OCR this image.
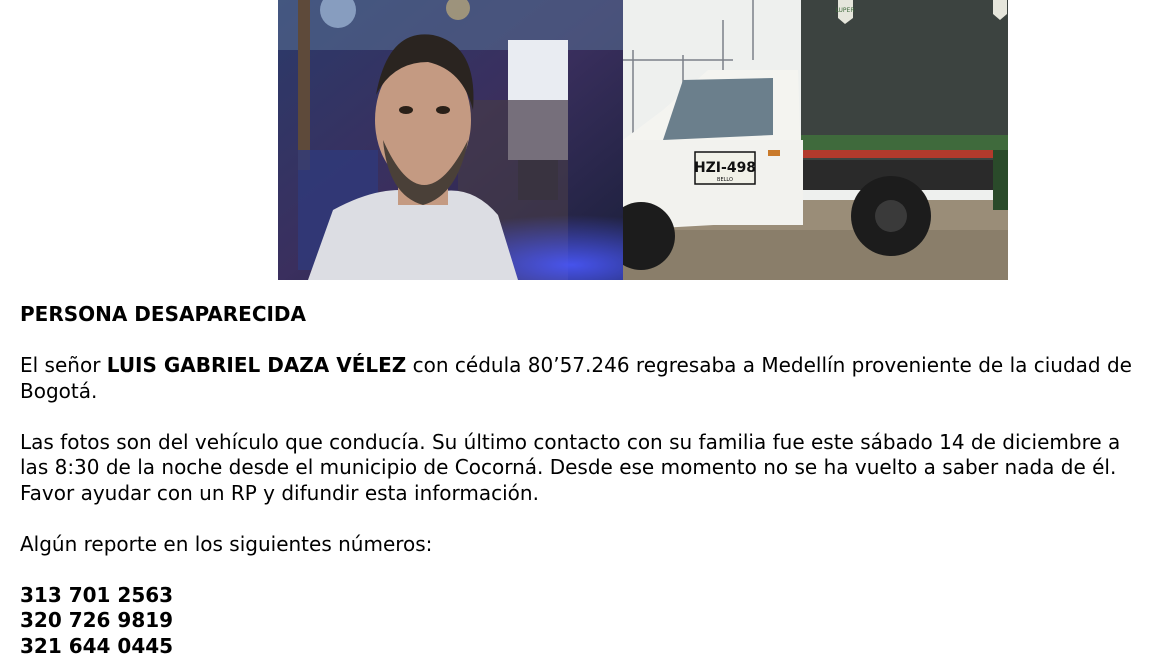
LUPER
HZI-498
BELLO

PERSONA DESAPARECIDA

El señor LUIS GABRIEL DAZA VÉLEZ con cédula 80’57.246 regresaba a Medellín proveniente de la ciudad de Bogotá.

Las fotos son del vehículo que conducía. Su último contacto con su familia fue este sábado 14 de diciembre a las 8:30 de la noche desde el municipio de Cocorná. Desde ese momento no se ha vuelto a saber nada de él. Favor ayudar con un RP y difundir esta información.

Algún reporte en los siguientes números:

313 701 2563
320 726 9819
321 644 0445
